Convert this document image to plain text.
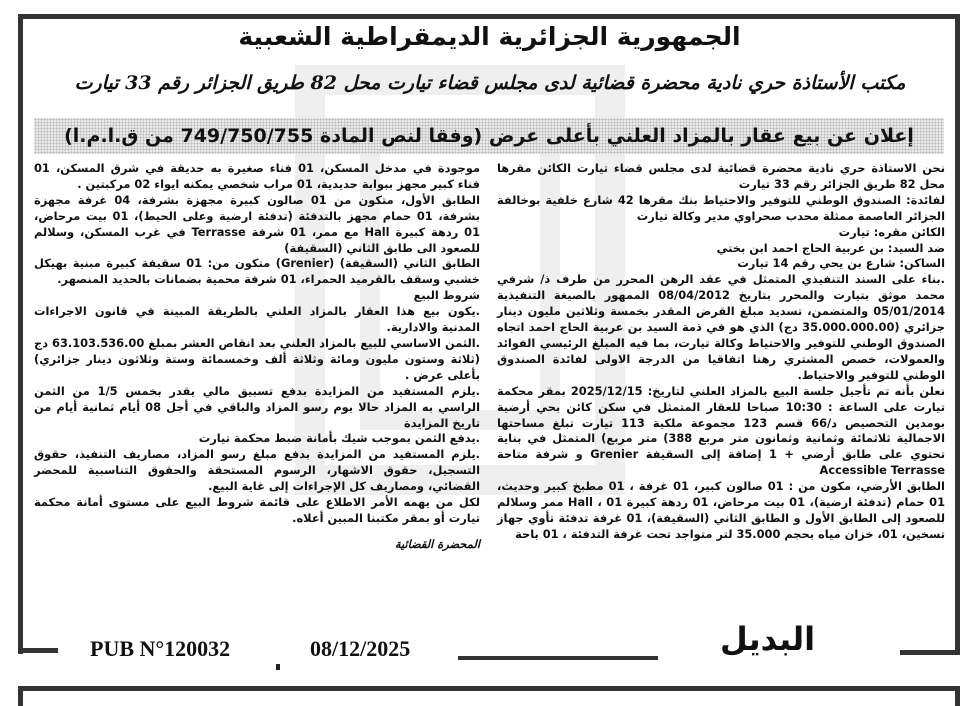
الجمهورية الجزائرية الديمقراطية الشعبية
مكتب الأستاذة حري نادية محضرة قضائية لدى مجلس قضاء تيارت محل 82 طريق الجزائر رقم 33 تيارت
إعلان عن بيع عقار بالمزاد العلني بأعلى عرض (وفقا لنص المادة 749/750/755 من ق.ا.م.ا)

نحن الاستاذة حري نادية محضرة قضائية لدى مجلس قضاء تيارت الكائن مقرها محل 82 طريق الجزائر رقم 33 تيارت

لفائدة: الصندوق الوطني للتوفير والاحتياط بنك مقرها 42 شارع خلفية بوخالفة الجزائر العاصمة ممثلة محدب صحراوي مدير وكالة تيارت

الكائن مقره: تيارت

ضد السيد: بن عربية الحاج احمد ابن بختي

الساكن: شارع بن يحي رقم 14 تيارت

.بناء على السند التنفيذي المتمثل في عقد الرهن المحرر من طرف ذ/ شرفي محمد موثق بتيارت والمحرر بتاريخ 08/04/2012 الممهور بالصيغة التنفيذية 05/01/2014 والمتضمن، تسديد مبلغ القرض المقدر بخمسة وثلاثين مليون دينار جزائري (35.000.000.00 دج) الذي هو في ذمة السيد بن عربية الحاج احمد اتجاه الصندوق الوطني للتوفير والاحتياط وكالة تيارت، بما فيه المبلغ الرئيسي الفوائد والعمولات، خصص المشتري رهنا اتفاقيا من الدرجة الاولى لفائدة الصندوق الوطني للتوفير والاحتياط.

نعلن بأنه تم تأجيل جلسة البيع بالمزاد العلني لتاريخ: 2025/12/15 بمقر محكمة تيارت على الساعة : 10:30 صباحا للعقار المتمثل في سكن كائن بحي أرضية بومدين التحصيص د/66 قسم 123 مجموعة ملكية 113 تيارت تبلغ مساحتها الاجمالية ثلاثمائة وثمانية وثمانون متر مربع 388) متر مربع) المتمثل في بناية تحتوي على طابق أرضي + 1 إضافة إلى السقيفة Grenier و شرفة متاحة Accessible Terrasse

الطابق الأرضي، مكون من : 01 صالون كبير، 01 غرفة ، 01 مطبخ كبير وحديث، 01 حمام (تدفئة ارضية)، 01 بيت مرحاض، 01 ردهة كبيرة Hall ، 01 ممر وسلالم للصعود إلى الطابق الأول و الطابق الثاني (السقيفة)، 01 غرفة تدفئة تأوي جهاز تسخين، 01، خزان مياه بحجم 35.000 لتر متواجد تحت غرفة التدفئة ، 01 باحة

موجودة في مدخل المسكن، 01 فناء صغيرة به حديقة في شرق المسكن، 01 فناء كبير مجهز ببوابة حديدية، 01 مراب شخصي يمكنه ايواء 02 مركبتين .

الطابق الأول، متكون من 01 صالون كبيرة مجهزة بشرفة، 04 غرفة مجهزة بشرفة، 01 حمام مجهز بالتدفئة (تدفئة ارضية وعلى الحيط)، 01 بيت مرحاض، 01 ردهة كبيرة Hall مع ممر، 01 شرفة Terrasse في غرب المسكن، وسلالم للصعود الى طابق الثاني (السقيفة)

الطابق الثاني (السقيفة) (Grenier) متكون من: 01 سقيفة كبيرة مبنية بهيكل خشبي وسقف بالقرميد الحمراء، 01 شرفة محمية بضمانات بالحديد المنصهر.

شروط البيع

.يكون بيع هذا العقار بالمزاد العلني بالطريقة المبينة في قانون الاجراءات المدنية والادارية.

.الثمن الاساسي للبيع بالمزاد العلني بعد انقاص العشر بمبلغ 63.103.536.00 دج (ثلاثة وستون مليون ومائة وثلاثة ألف وخمسمائة وستة وثلاثون دينار جزائري) بأعلى عرض .

.يلزم المستفيد من المزايدة بدفع تسبيق مالي يقدر بخمس 1/5 من الثمن الراسي به المزاد حالا يوم رسو المزاد والباقي في أجل 08 أيام ثمانية أيام من تاريخ المزايدة

.يدفع الثمن بموجب شيك بأمانة ضبط محكمة تيارت

.يلزم المستفيد من المزايدة بدفع مبلغ رسو المزاد، مصاريف التنفيذ، حقوق التسجيل، حقوق الاشهار، الرسوم المستحقة والحقوق التناسبية للمحضر القضائي، ومصاريف كل الإجراءات إلى غاية البيع.

لكل من يهمه الأمر الاطلاع على قائمة شروط البيع على مستوى أمانة محكمة تيارت أو بمقر مكتبنا المبين أعلاه.

المحضرة القضائية

PUB N°120032	08/12/2025	البديل
